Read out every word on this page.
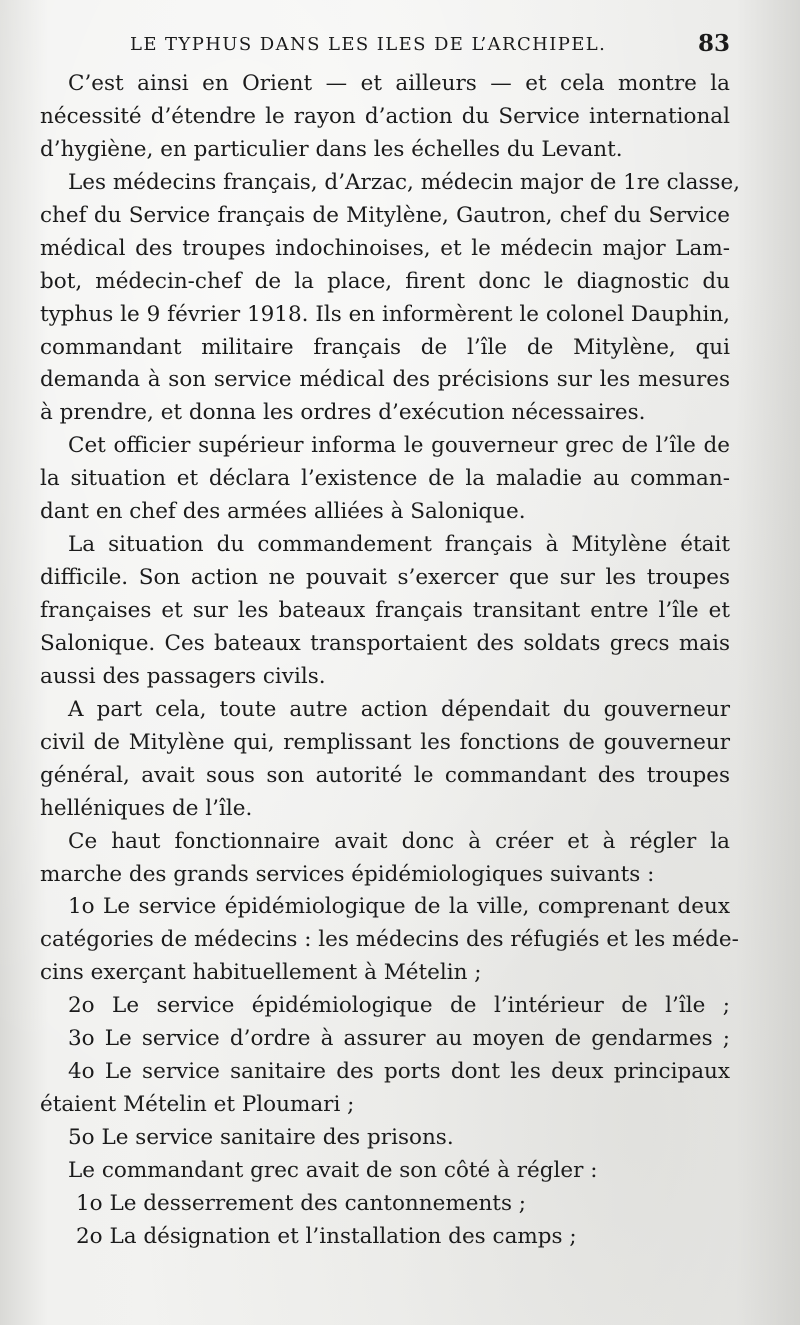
LE TYPHUS DANS LES ILES DE L’ARCHIPEL.	83
C’est ainsi en Orient — et ailleurs — et cela montre la
nécessité d’étendre le rayon d’action du Service international
d’hygiène, en particulier dans les échelles du Levant.
Les médecins français, d’Arzac, médecin major de 1re classe,
chef du Service français de Mitylène, Gautron, chef du Service
médical des troupes indochinoises, et le médecin major Lam-
bot, médecin-chef de la place, firent donc le diagnostic du
typhus le 9 février 1918. Ils en informèrent le colonel Dauphin,
commandant militaire français de l’île de Mitylène, qui
demanda à son service médical des précisions sur les mesures
à prendre, et donna les ordres d’exécution nécessaires.
Cet officier supérieur informa le gouverneur grec de l’île de
la situation et déclara l’existence de la maladie au comman-
dant en chef des armées alliées à Salonique.
La situation du commandement français à Mitylène était
difficile. Son action ne pouvait s’exercer que sur les troupes
françaises et sur les bateaux français transitant entre l’île et
Salonique. Ces bateaux transportaient des soldats grecs mais
aussi des passagers civils.
A part cela, toute autre action dépendait du gouverneur
civil de Mitylène qui, remplissant les fonctions de gouverneur
général, avait sous son autorité le commandant des troupes
helléniques de l’île.
Ce haut fonctionnaire avait donc à créer et à régler la
marche des grands services épidémiologiques suivants :
1o Le service épidémiologique de la ville, comprenant deux
catégories de médecins : les médecins des réfugiés et les méde-
cins exerçant habituellement à Mételin ;
2o Le service épidémiologique de l’intérieur de l’île ;
3o Le service d’ordre à assurer au moyen de gendarmes ;
4o Le service sanitaire des ports dont les deux principaux
étaient Mételin et Ploumari ;
5o Le service sanitaire des prisons.
Le commandant grec avait de son côté à régler :
1o Le desserrement des cantonnements ;
2o La désignation et l’installation des camps ;
